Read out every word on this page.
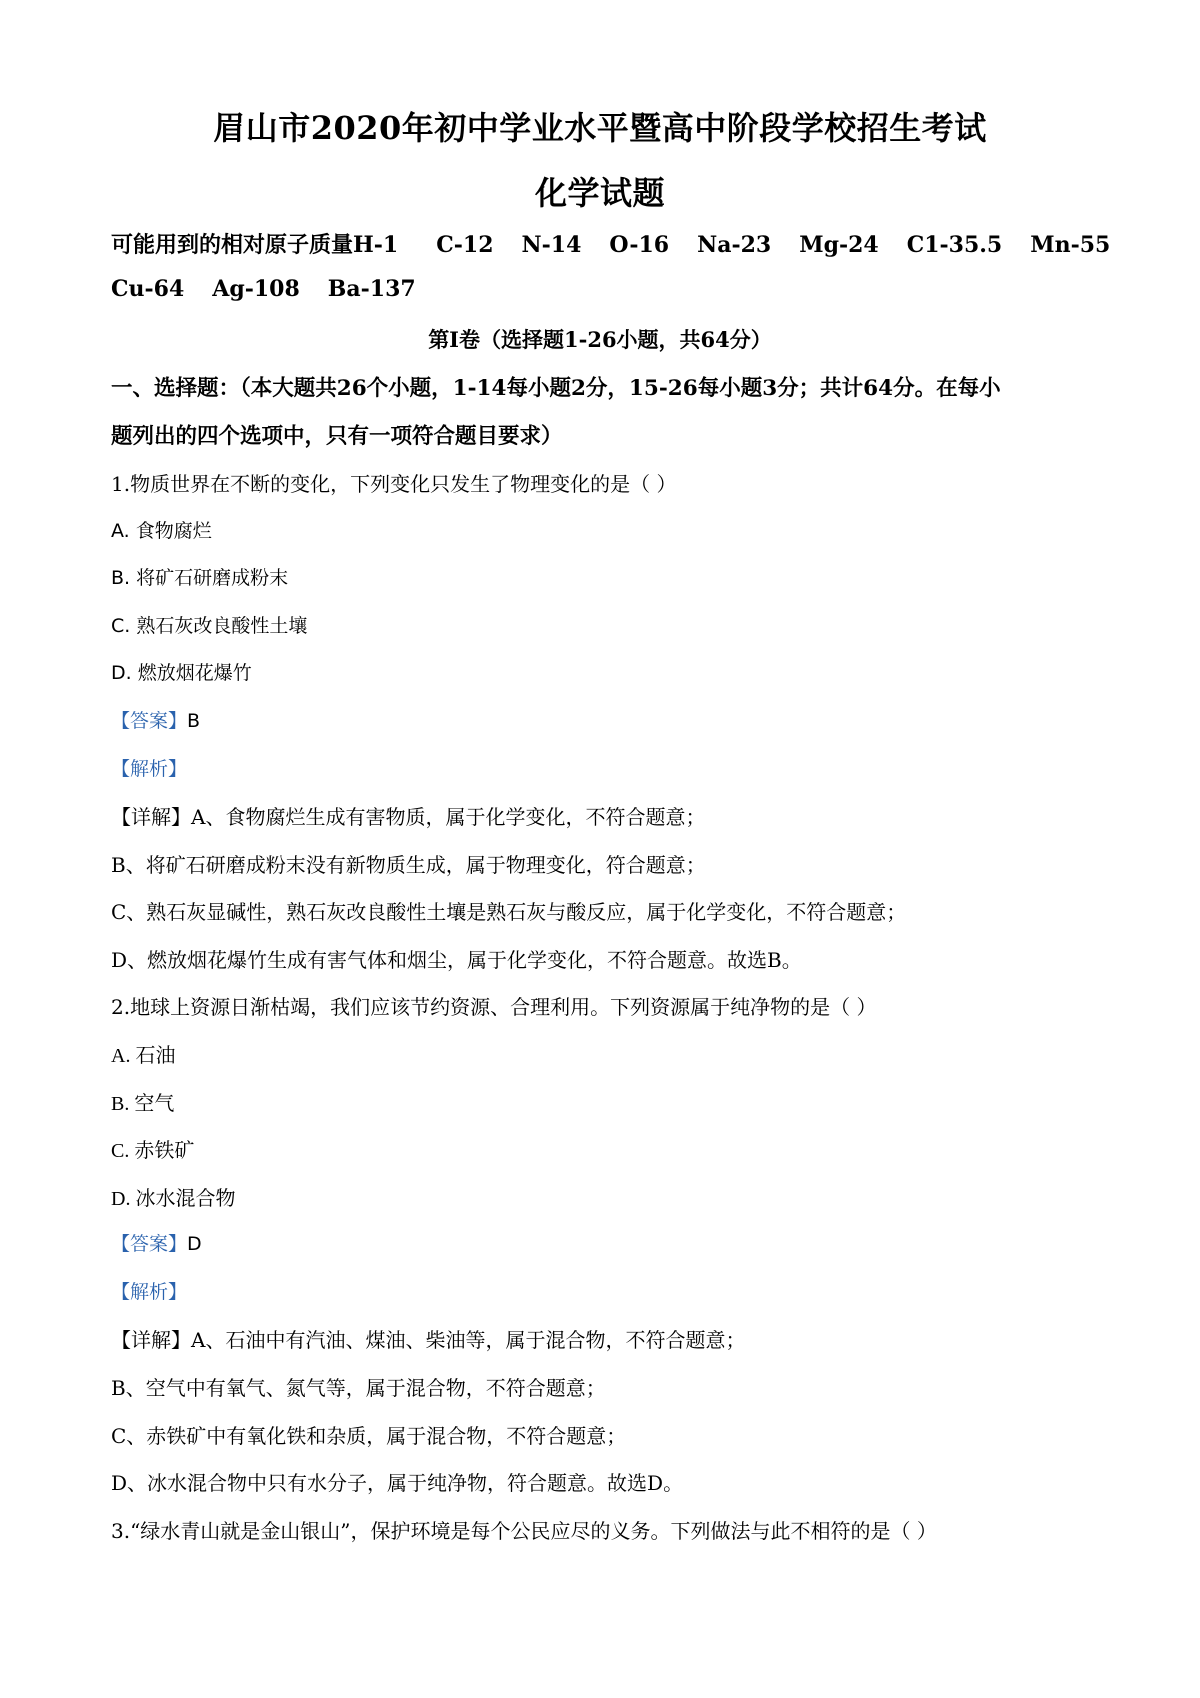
眉山市2020年初中学业水平暨高中阶段学校招生考试
化学试题
可能用到的相对原子质量H-1 C-12 N-14 O-16 Na-23 Mg-24 C1-35.5 Mn-55
Cu-64 Ag-108 Ba-137
第I卷（选择题1-26小题，共64分）
一、选择题：（本大题共26个小题，1-14每小题2分，15-26每小题3分；共计64分。在每小
题列出的四个选项中，只有一项符合题目要求）
1.物质世界在不断的变化，下列变化只发生了物理变化的是（ ）
A. 食物腐烂
B. 将矿石研磨成粉末
C. 熟石灰改良酸性土壤
D. 燃放烟花爆竹
【答案】B
【解析】
【详解】A、食物腐烂生成有害物质，属于化学变化，不符合题意；
B、将矿石研磨成粉末没有新物质生成，属于物理变化，符合题意；
C、熟石灰显碱性，熟石灰改良酸性土壤是熟石灰与酸反应，属于化学变化，不符合题意；
D、燃放烟花爆竹生成有害气体和烟尘，属于化学变化，不符合题意。故选B。
2.地球上资源日渐枯竭，我们应该节约资源、合理利用。下列资源属于纯净物的是（ ）
A. 石油
B. 空气
C. 赤铁矿
D. 冰水混合物
【答案】D
【解析】
【详解】A、石油中有汽油、煤油、柴油等，属于混合物，不符合题意；
B、空气中有氧气、氮气等，属于混合物，不符合题意；
C、赤铁矿中有氧化铁和杂质，属于混合物，不符合题意；
D、冰水混合物中只有水分子，属于纯净物，符合题意。故选D。
3.“绿水青山就是金山银山”，保护环境是每个公民应尽的义务。下列做法与此不相符的是（ ）
